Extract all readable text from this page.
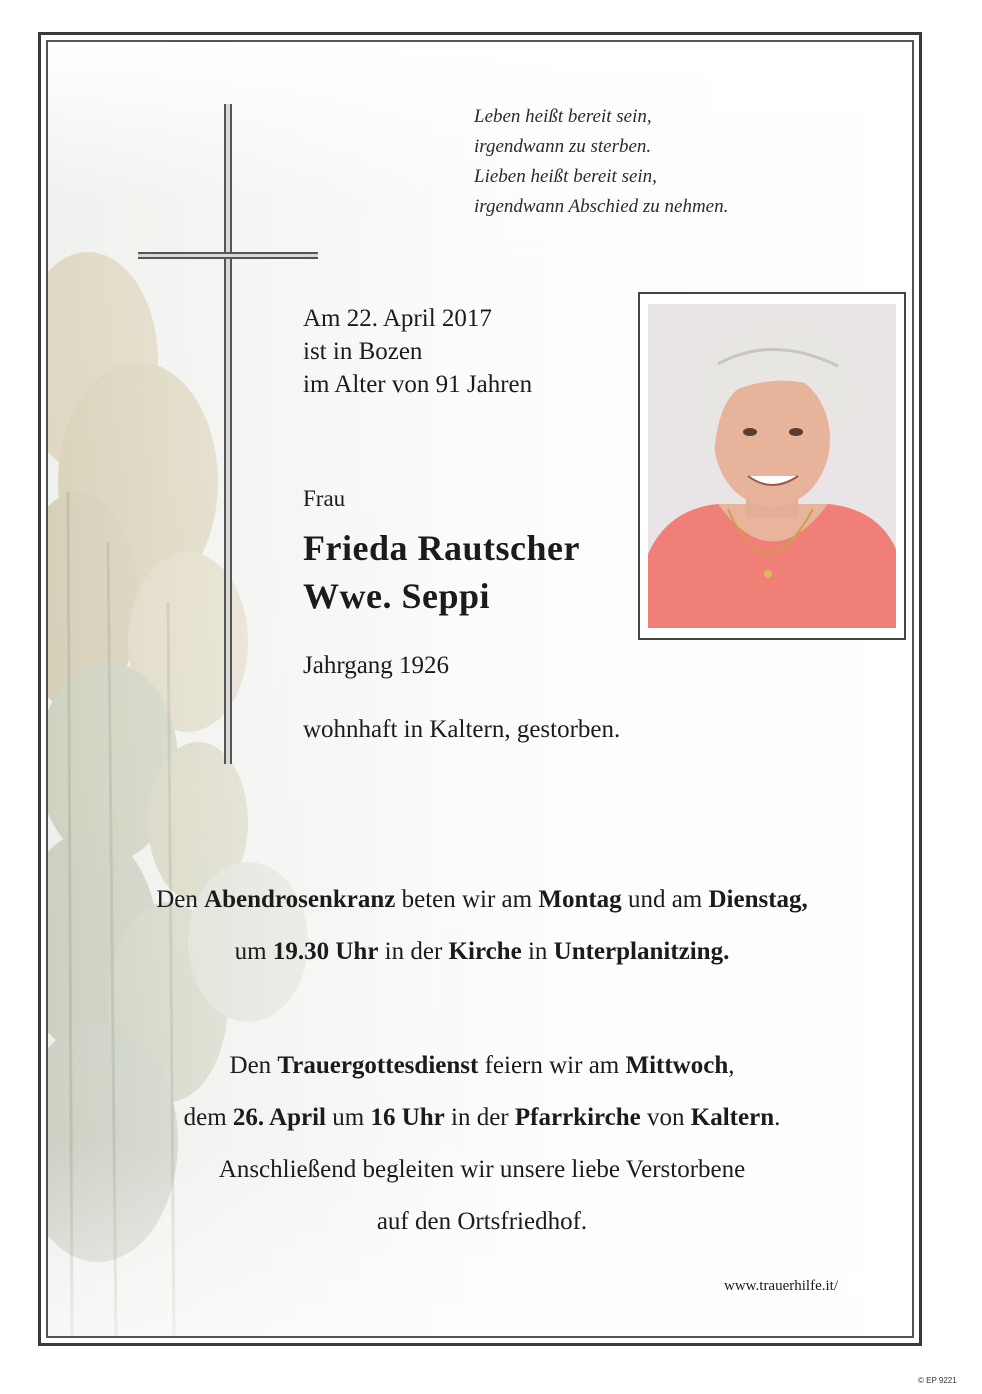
Leben heißt bereit sein,
irgendwann zu sterben.
Lieben heißt bereit sein,
irgendwann Abschied zu nehmen.
Am 22. April 2017
ist in Bozen
im Alter von 91 Jahren
Frau
Frieda Rautscher
Wwe. Seppi
Jahrgang 1926
wohnhaft in Kaltern, gestorben.
Den Abendrosenkranz beten wir am Montag und am Dienstag,
um 19.30 Uhr in der Kirche in Unterplanitzing.
Den Trauergottesdienst feiern wir am Mittwoch,
dem 26. April um 16 Uhr in der Pfarrkirche von Kaltern.
Anschließend begleiten wir unsere liebe Verstorbene
auf den Ortsfriedhof.
www.trauerhilfe.it/
© EP 9221
